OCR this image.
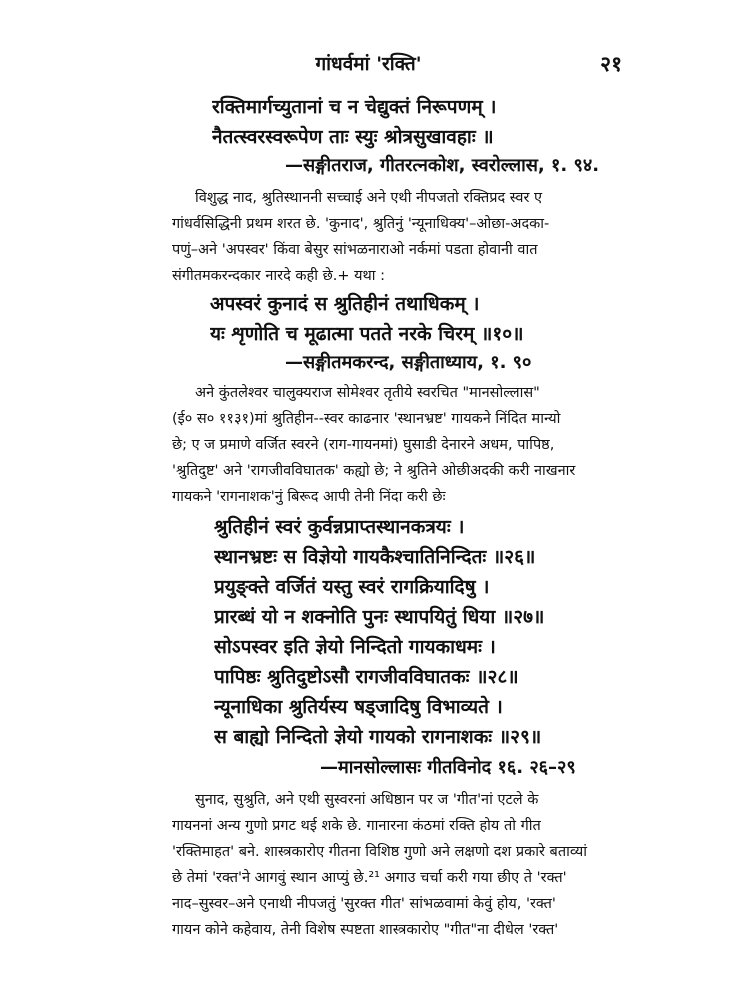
गांधर्वमां 'रक्ति'	२१
रक्तिमार्गच्युतानां च न चेद्युक्तं निरूपणम् ।
नैतत्स्वरस्वरूपेण ताः स्युः श्रोत्रसुखावहाः ॥
—सङ्गीतराज, गीतरत्नकोश, स्वरोल्लास, १. ९४.
विशुद्ध नाद, श्रुतिस्थाननी सच्चाई अने एथी नीपजतो रक्तिप्रद स्वर ए
गांधर्वसिद्धिनी प्रथम शरत छे. 'कुनाद', श्रुतिनुं 'न्यूनाधिक्य'–ओछा-अदका-
पणुं–अने 'अपस्वर' किंवा बेसुर सांभळनाराओ नर्कमां पडता होवानी वात
संगीतमकरन्दकार नारदे कही छे.+ यथा :
अपस्वरं कुनादं स श्रुतिहीनं तथाधिकम् ।
यः शृणोति च मूढात्मा पतते नरके चिरम् ॥१०॥
—सङ्गीतमकरन्द, सङ्गीताध्याय, १. ९०
अने कुंतलेश्वर चालुक्यराज सोमेश्वर तृतीये स्वरचित "मानसोल्लास"
(ई० स० ११३१)मां श्रुतिहीन--स्वर काढनार 'स्थानभ्रष्ट' गायकने निंदित मान्यो
छे; ए ज प्रमाणे वर्जित स्वरने (राग-गायनमां) घुसाडी देनारने अधम, पापिष्ठ,
'श्रुतिदुष्ट' अने 'रागजीवविघातक' कह्यो छे; ने श्रुतिने ओछीअदकी करी नाखनार
गायकने 'रागनाशक'नुं बिरूद आपी तेनी निंदा करी छेः
श्रुतिहीनं स्वरं कुर्वन्नप्राप्तस्थानकत्रयः ।
स्थानभ्रष्टः स विज्ञेयो गायकैश्चातिनिन्दितः ॥२६॥
प्रयुङ्क्ते वर्जितं यस्तु स्वरं रागक्रियादिषु ।
प्रारब्धं यो न शक्नोति पुनः स्थापयितुं धिया ॥२७॥
सोऽपस्वर इति ज्ञेयो निन्दितो गायकाधमः ।
पापिष्ठः श्रुतिदुष्टोऽसौ रागजीवविघातकः ॥२८॥
न्यूनाधिका श्रुतिर्यस्य षड्जादिषु विभाव्यते ।
स बाह्यो निन्दितो ज्ञेयो गायको रागनाशकः ॥२९॥
—मानसोल्लासः गीतविनोद १६. २६–२९
सुनाद, सुश्रुति, अने एथी सुस्वरनां अधिष्ठान पर ज 'गीत'नां एटले के
गायननां अन्य गुणो प्रगट थई शके छे. गानारना कंठमां रक्ति होय तो गीत
'रक्तिमाहत' बने. शास्त्रकारोए गीतना विशिष्ठ गुणो अने लक्षणो दश प्रकारे बताव्यां
छे तेमां 'रक्त'ने आगवुं स्थान आप्युं छे.²¹ अगाउ चर्चा करी गया छीए ते 'रक्त'
नाद–सुस्वर–अने एनाथी नीपजतुं 'सुरक्त गीत' सांभळवामां केवुं होय, 'रक्त'
गायन कोने कहेवाय, तेनी विशेष स्पष्टता शास्त्रकारोए "गीत"ना दीधेल 'रक्त'
